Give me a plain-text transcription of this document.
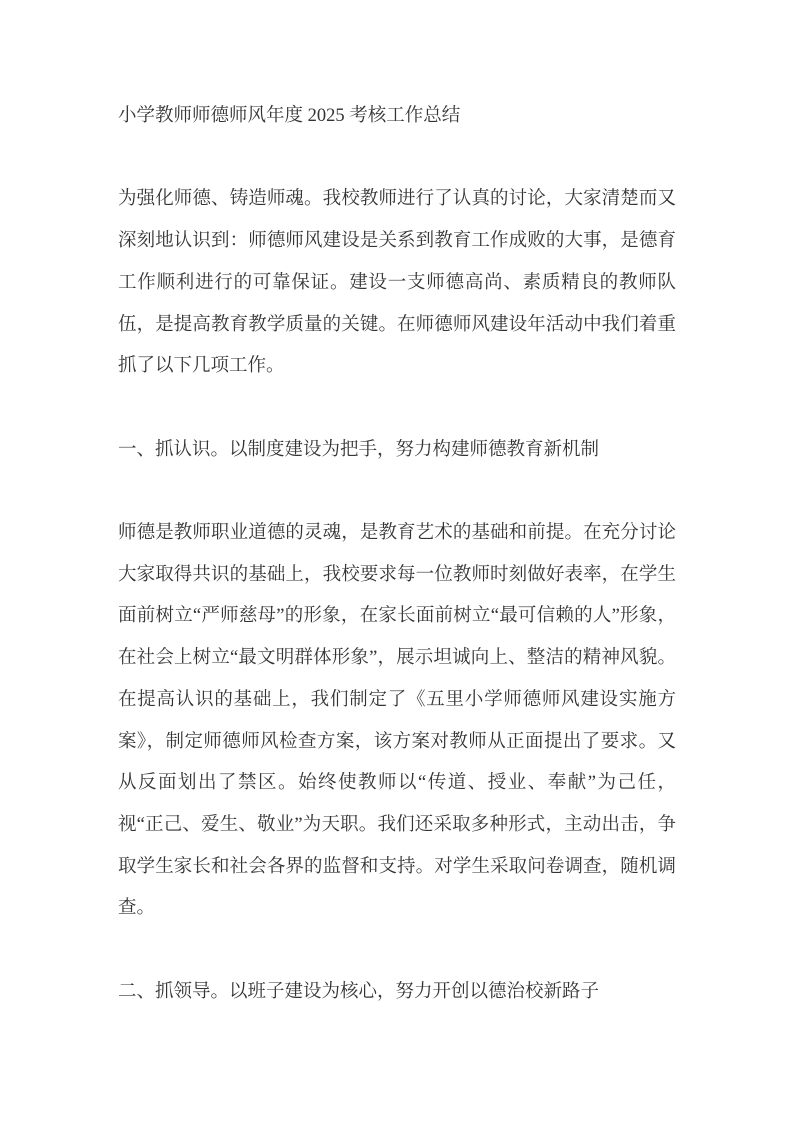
小学教师师德师风年度 2025 考核工作总结

为强化师德、铸造师魂。我校教师进行了认真的讨论，大家清楚而又深刻地认识到：师德师风建设是关系到教育工作成败的大事，是德育工作顺利进行的可靠保证。建设一支师德高尚、素质精良的教师队伍，是提高教育教学质量的关键。在师德师风建设年活动中我们着重抓了以下几项工作。

一、抓认识。以制度建设为把手，努力构建师德教育新机制

师德是教师职业道德的灵魂，是教育艺术的基础和前提。在充分讨论大家取得共识的基础上，我校要求每一位教师时刻做好表率，在学生面前树立“严师慈母”的形象，在家长面前树立“最可信赖的人”形象，在社会上树立“最文明群体形象”，展示坦诚向上、整洁的精神风貌。在提高认识的基础上，我们制定了《五里小学师德师风建设实施方案》，制定师德师风检查方案，该方案对教师从正面提出了要求。又从反面划出了禁区。始终使教师以“传道、授业、奉献”为己任，视“正己、爱生、敬业”为天职。我们还采取多种形式，主动出击，争取学生家长和社会各界的监督和支持。对学生采取问卷调查，随机调查。

二、抓领导。以班子建设为核心，努力开创以德治校新路子
